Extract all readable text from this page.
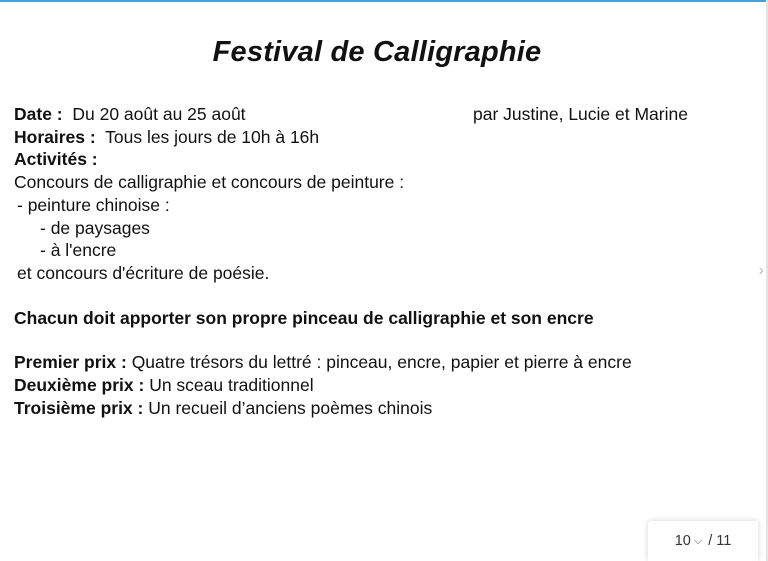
Festival de Calligraphie
par Justine, Lucie et Marine
Date :  Du 20 août au 25 août
Horaires :  Tous les jours de 10h à 16h
Activités :
Concours de calligraphie et concours de peinture :
- peinture chinoise :
- de paysages
- à l'encre
et concours d'écriture de poésie.
Chacun doit apporter son propre pinceau de calligraphie et son encre
Premier prix : Quatre trésors du lettré : pinceau, encre, papier et pierre à encre
Deuxième prix : Un sceau traditionnel
Troisième prix : Un recueil d’anciens poèmes chinois
›
10 ⌵ / 11
